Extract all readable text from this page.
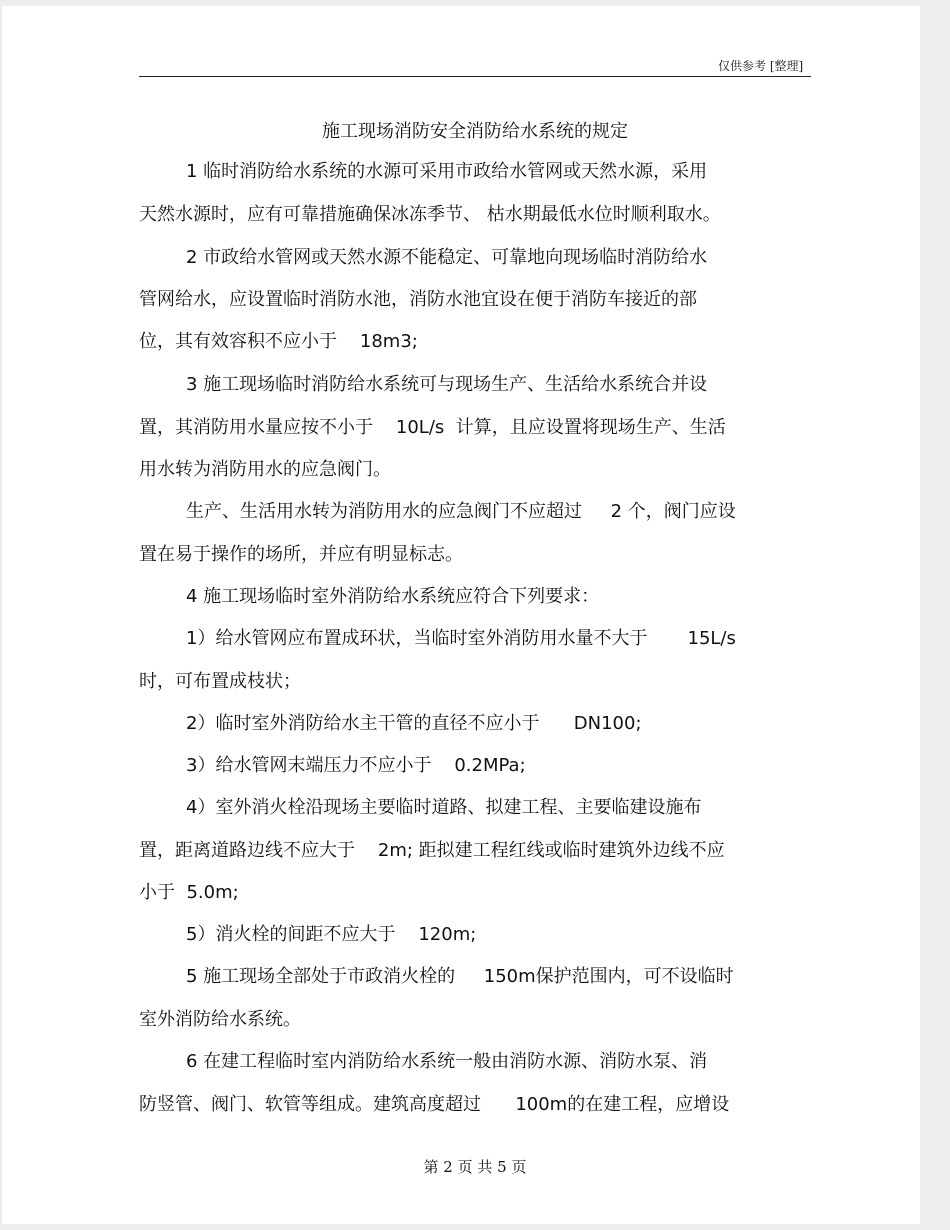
仅供参考 [整理]
施工现场消防安全消防给水系统的规定
1 临时消防给水系统的水源可采用市政给水管网或天然水源，采用
天然水源时，应有可靠措施确保冰冻季节、 枯水期最低水位时顺利取水。
2 市政给水管网或天然水源不能稳定、可靠地向现场临时消防给水
管网给水，应设置临时消防水池，消防水池宜设在便于消防车接近的部
位，其有效容积不应小于    18m3;
3 施工现场临时消防给水系统可与现场生产、生活给水系统合并设
置，其消防用水量应按不小于    10L/s  计算，且应设置将现场生产、生活
用水转为消防用水的应急阀门。
生产、生活用水转为消防用水的应急阀门不应超过     2 个，阀门应设
置在易于操作的场所，并应有明显标志。
4 施工现场临时室外消防给水系统应符合下列要求：
1）给水管网应布置成环状，当临时室外消防用水量不大于       15L/s
时，可布置成枝状；
2）临时室外消防给水主干管的直径不应小于      DN100;
3）给水管网末端压力不应小于    0.2MPa;
4）室外消火栓沿现场主要临时道路、拟建工程、主要临建设施布
置，距离道路边线不应大于    2m; 距拟建工程红线或临时建筑外边线不应
小于  5.0m;
5）消火栓的间距不应大于    120m;
5 施工现场全部处于市政消火栓的     150m保护范围内，可不设临时
室外消防给水系统。
6 在建工程临时室内消防给水系统一般由消防水源、消防水泵、消
防竖管、阀门、软管等组成。建筑高度超过      100m的在建工程，应增设
第 2 页 共 5 页
